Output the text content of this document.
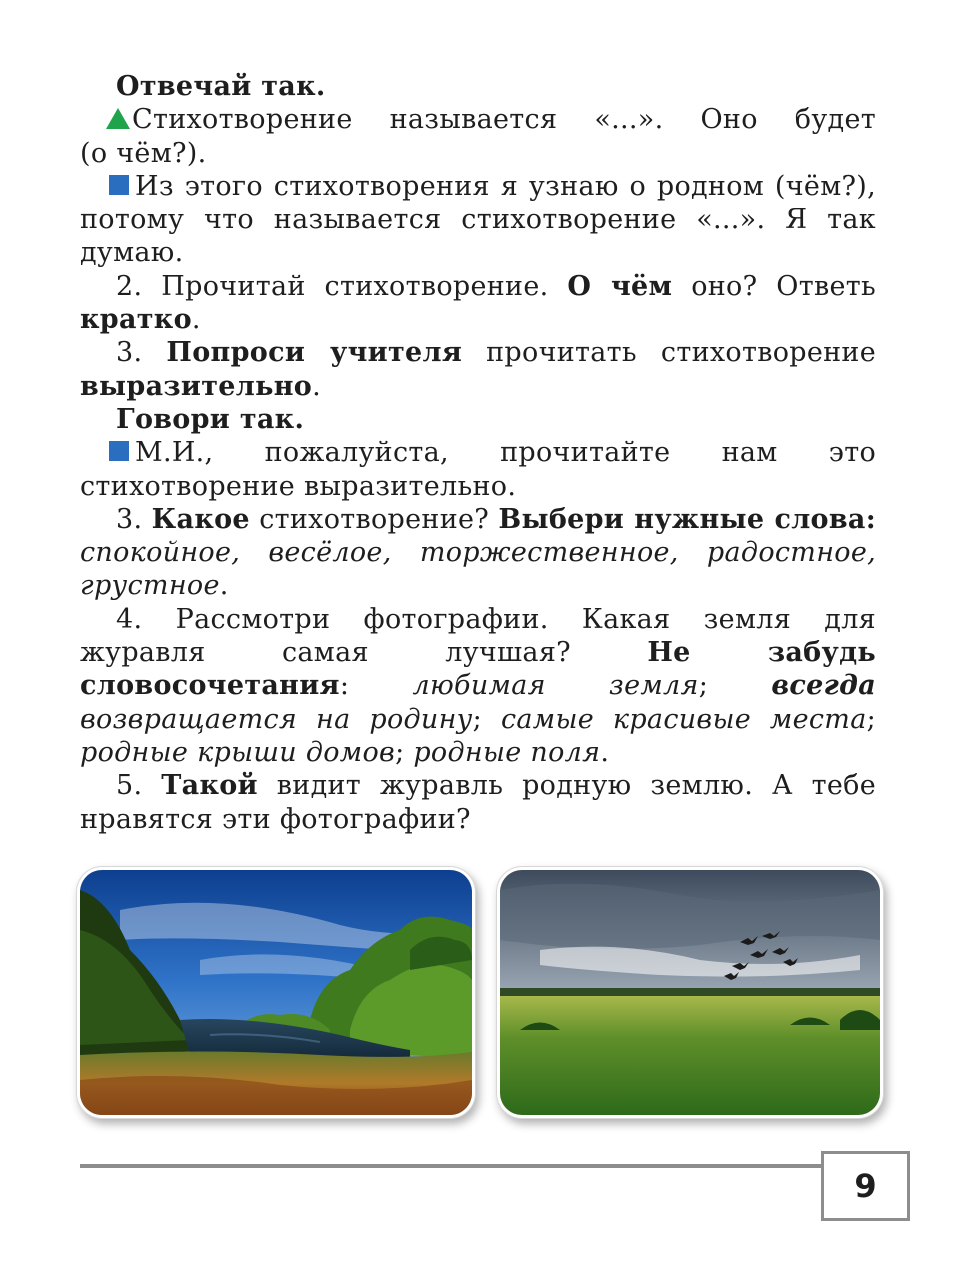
Отвечай так.

Стихотворение называется «...». Оно будет

(о чём?).

Из этого стихотворения я узнаю о родном (чём?), потому что называется стихотворение «...». Я так думаю.

2. Прочитай стихотворение. О чём оно? Ответь кратко.

3. Попроси учителя прочитать стихотворение выразительно.

Говори так.

М.И., пожалуйста, прочитайте нам это стихотворение выразительно.

3. Какое стихотворение? Выбери нужные слова: спокойное, весёлое, торжественное, радостное, грустное.

4. Рассмотри фотографии. Какая земля для журавля самая лучшая? Не забудь словосочетания: любимая земля; всегда возвращается на родину; самые красивые места; родные крыши домов; родные поля.

5. Такой видит журавль родную землю. А тебе нравятся эти фотографии?

9
